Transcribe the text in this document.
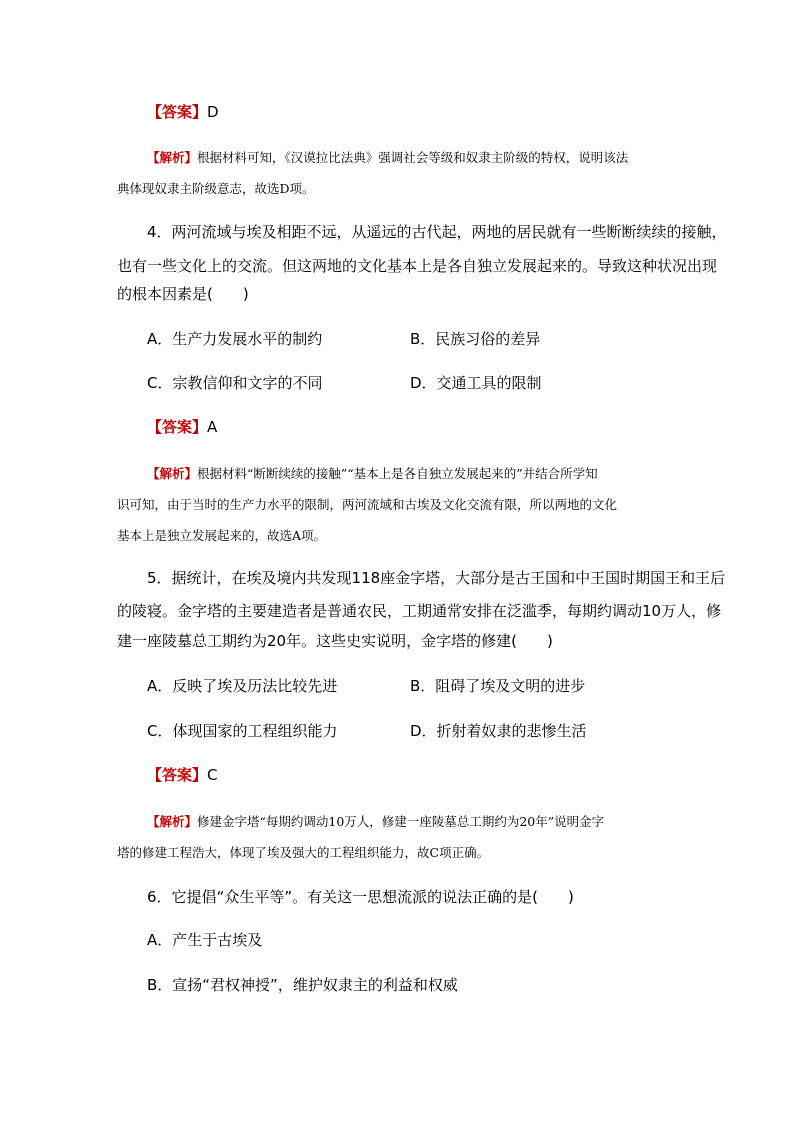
【答案】D
【解析】根据材料可知，《汉谟拉比法典》强调社会等级和奴隶主阶级的特权，说明该法
典体现奴隶主阶级意志，故选D项。
4．两河流域与埃及相距不远，从遥远的古代起，两地的居民就有一些断断续续的接触，
也有一些文化上的交流。但这两地的文化基本上是各自独立发展起来的。导致这种状况出现
的根本因素是(　　)
A．生产力发展水平的制约	B．民族习俗的差异
C．宗教信仰和文字的不同	D．交通工具的限制
【答案】A
【解析】根据材料“断断续续的接触”“基本上是各自独立发展起来的”并结合所学知
识可知，由于当时的生产力水平的限制，两河流域和古埃及文化交流有限，所以两地的文化
基本上是独立发展起来的，故选A项。
5．据统计，在埃及境内共发现118座金字塔，大部分是古王国和中王国时期国王和王后
的陵寝。金字塔的主要建造者是普通农民，工期通常安排在泛滥季，每期约调动10万人，修
建一座陵墓总工期约为20年。这些史实说明，金字塔的修建(　　)
A．反映了埃及历法比较先进	B．阻碍了埃及文明的进步
C．体现国家的工程组织能力	D．折射着奴隶的悲惨生活
【答案】C
【解析】修建金字塔“每期约调动10万人，修建一座陵墓总工期约为20年”说明金字
塔的修建工程浩大，体现了埃及强大的工程组织能力，故C项正确。
6．它提倡“众生平等”。有关这一思想流派的说法正确的是(　　)
A．产生于古埃及
B．宣扬“君权神授”，维护奴隶主的利益和权威
